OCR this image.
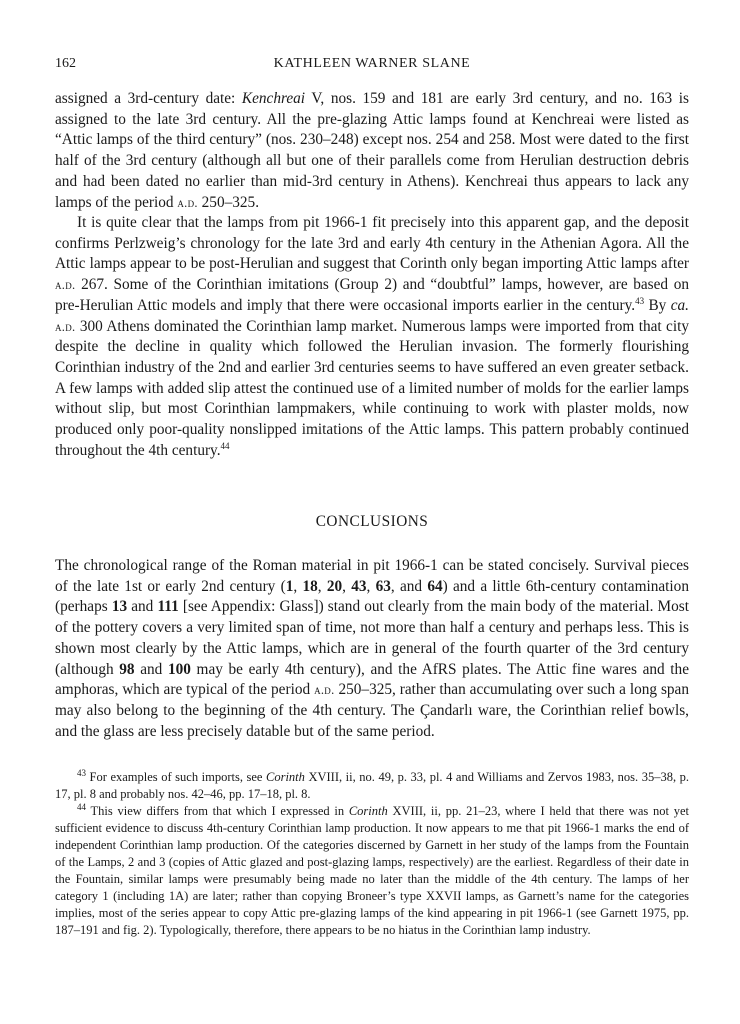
162	KATHLEEN WARNER SLANE

assigned a 3rd-century date: Kenchreai V, nos. 159 and 181 are early 3rd century, and no. 163 is assigned to the late 3rd century. All the pre-glazing Attic lamps found at Kenchreai were listed as “Attic lamps of the third century” (nos. 230–248) except nos. 254 and 258. Most were dated to the first half of the 3rd century (although all but one of their parallels come from Herulian destruction debris and had been dated no earlier than mid-3rd century in Athens). Kenchreai thus appears to lack any lamps of the period a.d. 250–325.

It is quite clear that the lamps from pit 1966-1 fit precisely into this apparent gap, and the deposit confirms Perlzweig’s chronology for the late 3rd and early 4th century in the Athenian Agora. All the Attic lamps appear to be post-Herulian and suggest that Corinth only began importing Attic lamps after a.d. 267. Some of the Corinthian imitations (Group 2) and “doubtful” lamps, however, are based on pre-Herulian Attic models and imply that there were occasional imports earlier in the century.$^{43}$ By ca. a.d. 300 Athens dominated the Corinthian lamp market. Numerous lamps were imported from that city despite the decline in quality which followed the Herulian invasion. The formerly flourishing Corinthian industry of the 2nd and earlier 3rd centuries seems to have suffered an even greater setback. A few lamps with added slip attest the continued use of a limited number of molds for the earlier lamps without slip, but most Corinthian lampmakers, while continuing to work with plaster molds, now produced only poor-quality nonslipped imitations of the Attic lamps. This pattern probably continued throughout the 4th century.$^{44}$

CONCLUSIONS

The chronological range of the Roman material in pit 1966-1 can be stated concisely. Survival pieces of the late 1st or early 2nd century (1, 18, 20, 43, 63, and 64) and a little 6th-century contamination (perhaps 13 and 111 [see Appendix: Glass]) stand out clearly from the main body of the material. Most of the pottery covers a very limited span of time, not more than half a century and perhaps less. This is shown most clearly by the Attic lamps, which are in general of the fourth quarter of the 3rd century (although 98 and 100 may be early 4th century), and the AfRS plates. The Attic fine wares and the amphoras, which are typical of the period a.d. 250–325, rather than accumulating over such a long span may also belong to the beginning of the 4th century. The Çandarlı ware, the Corinthian relief bowls, and the glass are less precisely datable but of the same period.

$^{43}$ For examples of such imports, see Corinth XVIII, ii, no. 49, p. 33, pl. 4 and Williams and Zervos 1983, nos. 35–38, p. 17, pl. 8 and probably nos. 42–46, pp. 17–18, pl. 8.

$^{44}$ This view differs from that which I expressed in Corinth XVIII, ii, pp. 21–23, where I held that there was not yet sufficient evidence to discuss 4th-century Corinthian lamp production. It now appears to me that pit 1966-1 marks the end of independent Corinthian lamp production. Of the categories discerned by Garnett in her study of the lamps from the Fountain of the Lamps, 2 and 3 (copies of Attic glazed and post-glazing lamps, respectively) are the earliest. Regardless of their date in the Fountain, similar lamps were presumably being made no later than the middle of the 4th century. The lamps of her category 1 (including 1A) are later; rather than copying Broneer’s type XXVII lamps, as Garnett’s name for the categories implies, most of the series appear to copy Attic pre-glazing lamps of the kind appearing in pit 1966-1 (see Garnett 1975, pp. 187–191 and fig. 2). Typologically, therefore, there appears to be no hiatus in the Corinthian lamp industry.
